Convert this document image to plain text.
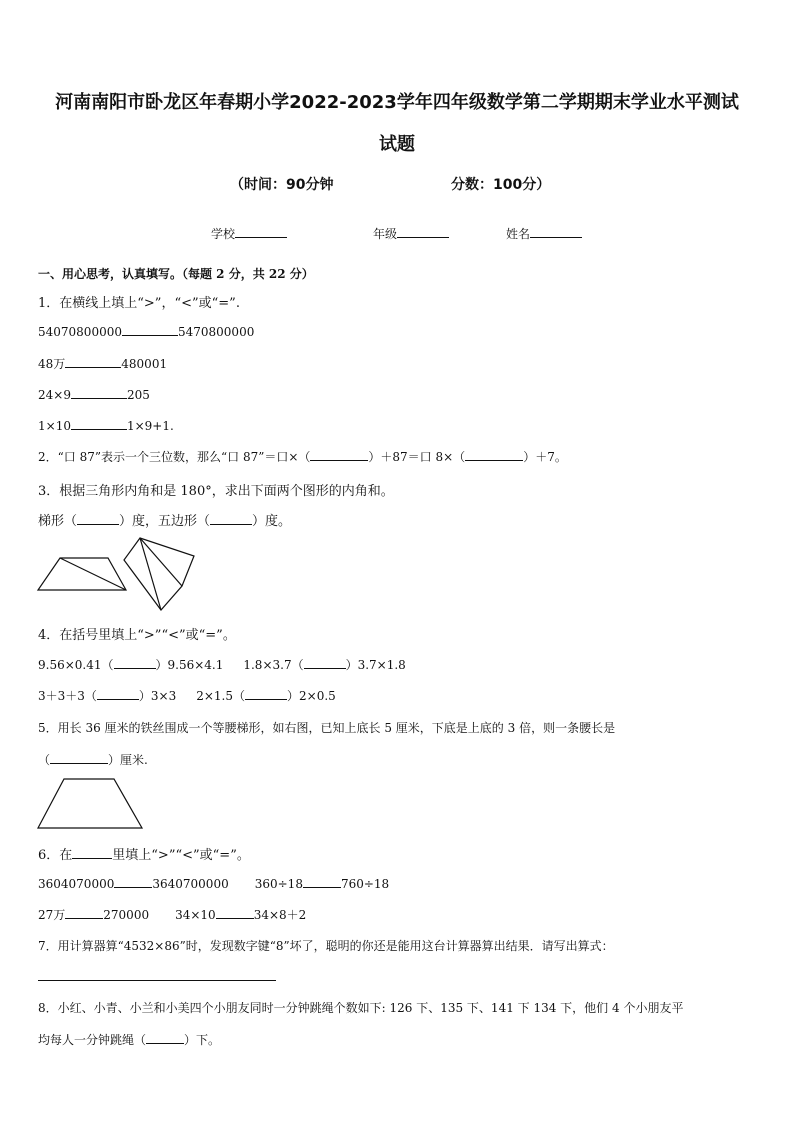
河南南阳市卧龙区年春期小学2022-2023学年四年级数学第二学期期末学业水平测试
试题
（时间：90分钟	分数：100分）
学校	年级	姓名
一、用心思考，认真填写。（每题 2 分，共 22 分）
1．在横线上填上“>”，“<”或“=”.
54070800000	5470800000
48万	480001
24×9	205
1×10	1×9+1.
2．“口 87”表示一个三位数，那么“口 87”＝口×（	）＋87＝口 8×（	）＋7。
3．根据三角形内角和是 180°，求出下面两个图形的内角和。
梯形（	）度，五边形（	）度。
4．在括号里填上“>”“<”或“=”。
9.56×0.41（	）9.56×4.1 1.8×3.7（	）3.7×1.8
3＋3＋3（	）3×3 2×1.5（	）2×0.5
5．用长 36 厘米的铁丝围成一个等腰梯形，如右图，已知上底长 5 厘米，下底是上底的 3 倍，则一条腰长是
（	）厘米.
6．在	里填上“>”“<”或“=”。
3604070000	3640700000 360÷18	760÷18
27万	270000 34×10	34×8＋2
7．用计算器算“4532×86”时，发现数字键“8”坏了，聪明的你还是能用这台计算器算出结果．请写出算式：
8．小红、小青、小兰和小美四个小朋友同时一分钟跳绳个数如下: 126 下、135 下、141 下 134 下，他们 4 个小朋友平
均每人一分钟跳绳（	）下。
